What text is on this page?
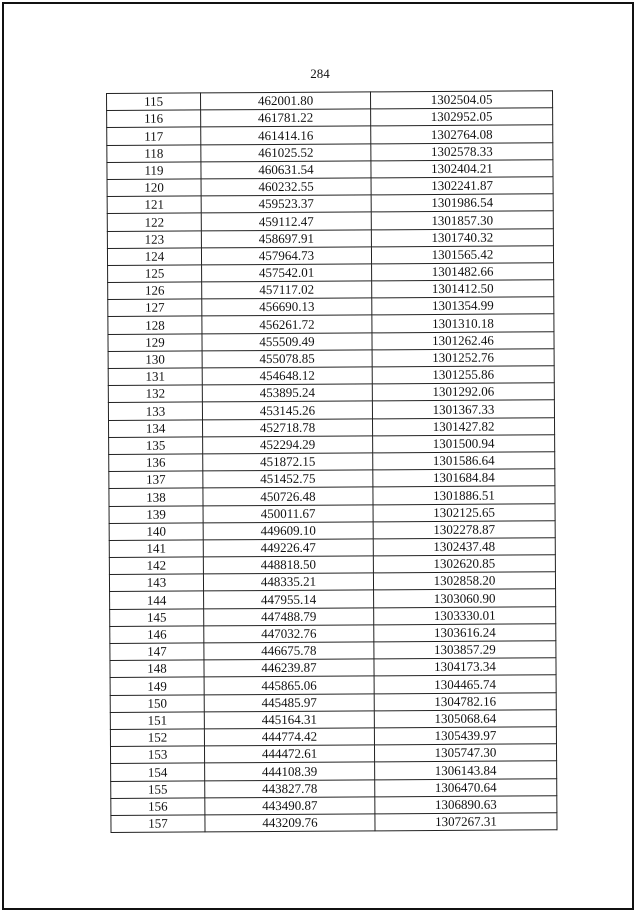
284
115	462001.80	1302504.05
116	461781.22	1302952.05
117	461414.16	1302764.08
118	461025.52	1302578.33
119	460631.54	1302404.21
120	460232.55	1302241.87
121	459523.37	1301986.54
122	459112.47	1301857.30
123	458697.91	1301740.32
124	457964.73	1301565.42
125	457542.01	1301482.66
126	457117.02	1301412.50
127	456690.13	1301354.99
128	456261.72	1301310.18
129	455509.49	1301262.46
130	455078.85	1301252.76
131	454648.12	1301255.86
132	453895.24	1301292.06
133	453145.26	1301367.33
134	452718.78	1301427.82
135	452294.29	1301500.94
136	451872.15	1301586.64
137	451452.75	1301684.84
138	450726.48	1301886.51
139	450011.67	1302125.65
140	449609.10	1302278.87
141	449226.47	1302437.48
142	448818.50	1302620.85
143	448335.21	1302858.20
144	447955.14	1303060.90
145	447488.79	1303330.01
146	447032.76	1303616.24
147	446675.78	1303857.29
148	446239.87	1304173.34
149	445865.06	1304465.74
150	445485.97	1304782.16
151	445164.31	1305068.64
152	444774.42	1305439.97
153	444472.61	1305747.30
154	444108.39	1306143.84
155	443827.78	1306470.64
156	443490.87	1306890.63
157	443209.76	1307267.31
